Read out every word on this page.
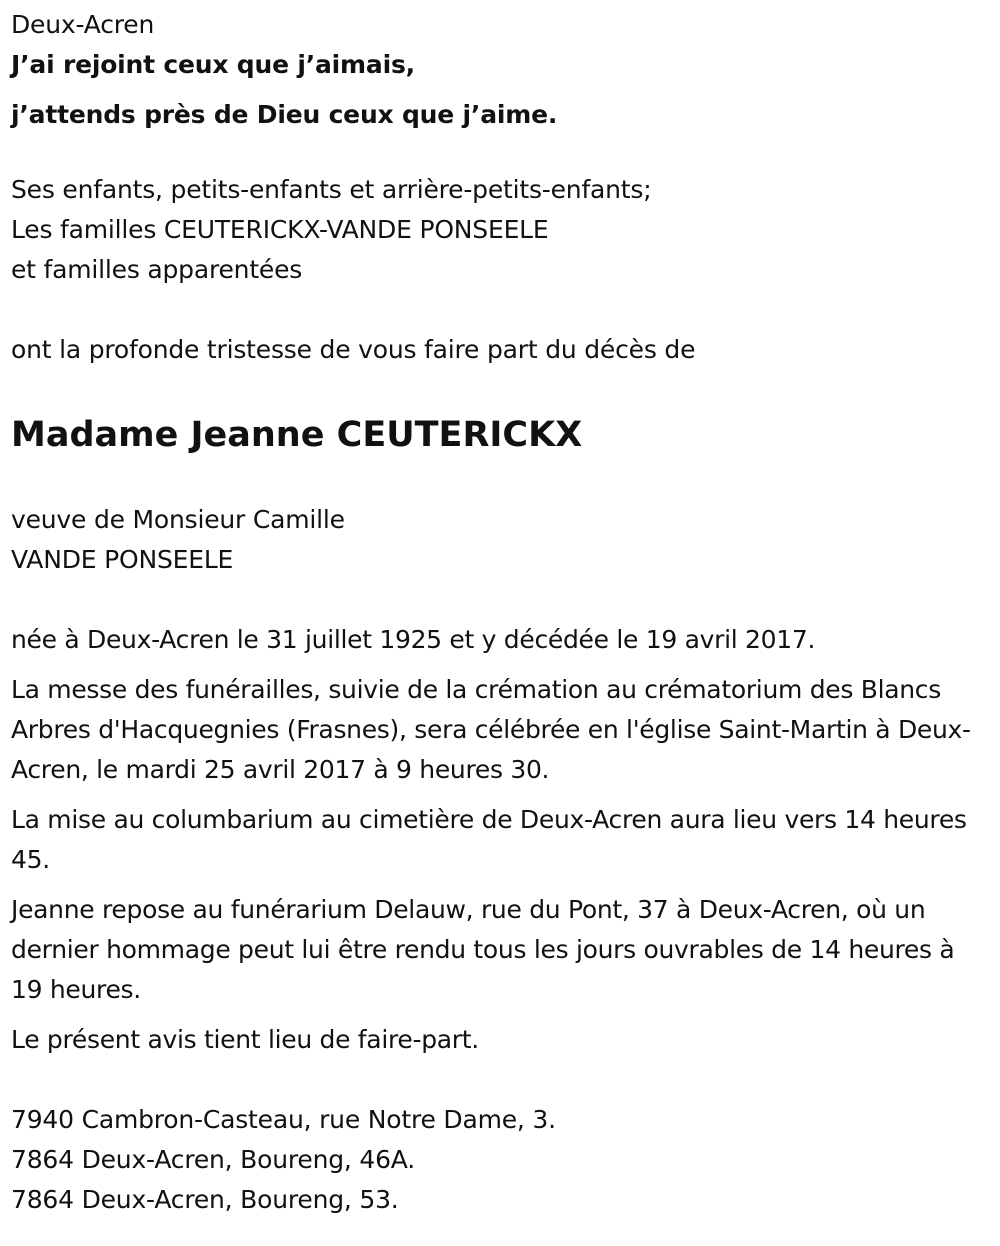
Deux-Acren
J’ai rejoint ceux que j’aimais,
j’attends près de Dieu ceux que j’aime.
Ses enfants, petits-enfants et arrière-petits-enfants;
Les familles CEUTERICKX-VANDE PONSEELE
et familles apparentées
ont la profonde tristesse de vous faire part du décès de
Madame Jeanne CEUTERICKX
veuve de Monsieur Camille
VANDE PONSEELE
née à Deux-Acren le 31 juillet 1925 et y décédée le 19 avril 2017.
La messe des funérailles, suivie de la crémation au crématorium des Blancs Arbres d'Hacquegnies (Frasnes), sera célébrée en l'église Saint-Martin à Deux-Acren, le mardi 25 avril 2017 à 9 heures 30.
La mise au columbarium au cimetière de Deux-Acren aura lieu vers 14 heures 45.
Jeanne repose au funérarium Delauw, rue du Pont, 37 à Deux-Acren, où un dernier hommage peut lui être rendu tous les jours ouvrables de 14 heures à 19 heures.
Le présent avis tient lieu de faire-part.
7940 Cambron-Casteau, rue Notre Dame, 3.
7864 Deux-Acren, Boureng, 46A.
7864 Deux-Acren, Boureng, 53.
